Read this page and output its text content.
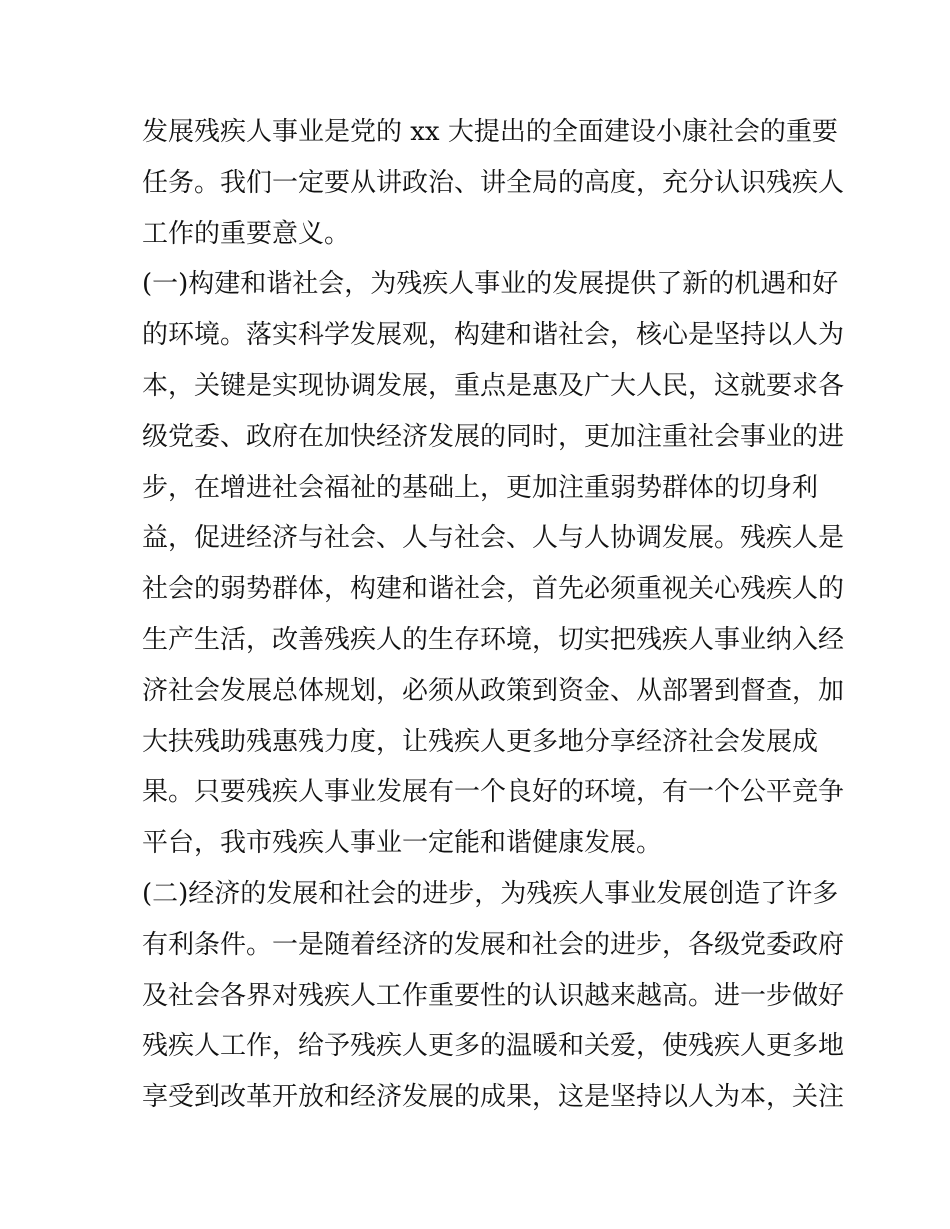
发展残疾人事业是党的 xx 大提出的全面建设小康社会的重要
任务。我们一定要从讲政治、讲全局的高度，充分认识残疾人
工作的重要意义。
(一)构建和谐社会，为残疾人事业的发展提供了新的机遇和好
的环境。落实科学发展观，构建和谐社会，核心是坚持以人为
本，关键是实现协调发展，重点是惠及广大人民，这就要求各
级党委、政府在加快经济发展的同时，更加注重社会事业的进
步，在增进社会福祉的基础上，更加注重弱势群体的切身利
益，促进经济与社会、人与社会、人与人协调发展。残疾人是
社会的弱势群体，构建和谐社会，首先必须重视关心残疾人的
生产生活，改善残疾人的生存环境，切实把残疾人事业纳入经
济社会发展总体规划，必须从政策到资金、从部署到督查，加
大扶残助残惠残力度，让残疾人更多地分享经济社会发展成
果。只要残疾人事业发展有一个良好的环境，有一个公平竞争
平台，我市残疾人事业一定能和谐健康发展。
(二)经济的发展和社会的进步，为残疾人事业发展创造了许多
有利条件。一是随着经济的发展和社会的进步，各级党委政府
及社会各界对残疾人工作重要性的认识越来越高。进一步做好
残疾人工作，给予残疾人更多的温暖和关爱，使残疾人更多地
享受到改革开放和经济发展的成果，这是坚持以人为本，关注
